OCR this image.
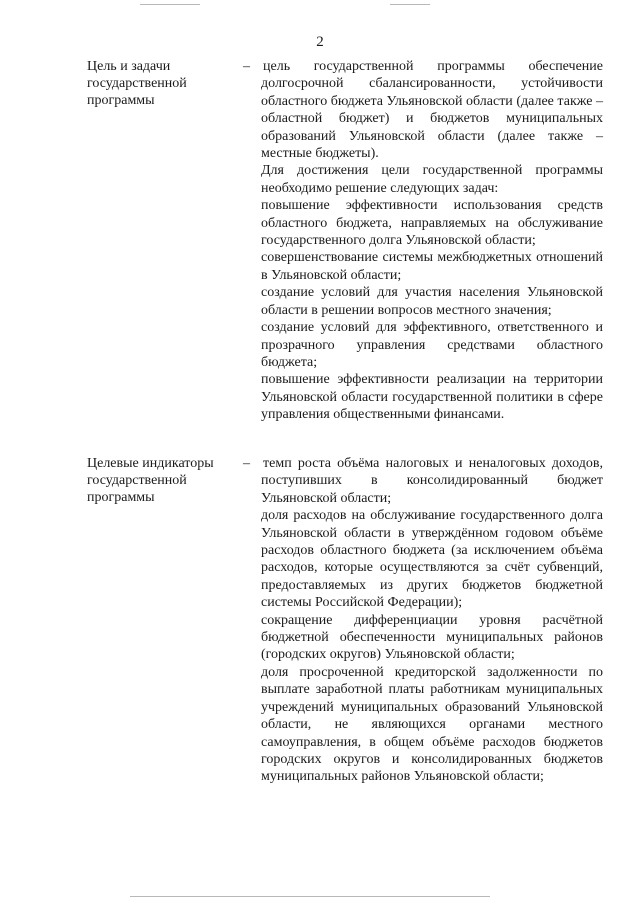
2
Цель и задачи государственной программы
– цель государственной программы обеспечение долгосрочной сбалансированности, устойчивости областного бюджета Ульяновской области (далее также – областной бюджет) и бюджетов муниципальных образований Ульяновской области (далее также – местные бюджеты).

Для достижения цели государственной программы необходимо решение следующих задач:

повышение эффективности использования средств областного бюджета, направляемых на обслуживание государственного долга Ульяновской области;

совершенствование системы межбюджетных отношений в Ульяновской области;

создание условий для участия населения Ульяновской области в решении вопросов местного значения;

создание условий для эффективного, ответственного и прозрачного управления средствами областного бюджета;

повышение эффективности реализации на территории Ульяновской области государственной политики в сфере управления общественными финансами.

Целевые индикаторы государственной программы
– темп роста объёма налоговых и неналоговых доходов, поступивших в консолидированный бюджет Ульяновской области;

доля расходов на обслуживание государственного долга Ульяновской области в утверждённом годовом объёме расходов областного бюджета (за исключением объёма расходов, которые осуществляются за счёт субвенций, предоставляемых из других бюджетов бюджетной системы Российской Федерации);

сокращение дифференциации уровня расчётной бюджетной обеспеченности муниципальных районов (городских округов) Ульяновской области;

доля просроченной кредиторской задолженности по выплате заработной платы работникам муниципальных учреждений муниципальных образований Ульяновской области, не являющихся органами местного самоуправления, в общем объёме расходов бюджетов городских округов и консолидированных бюджетов муниципальных районов Ульяновской области;
